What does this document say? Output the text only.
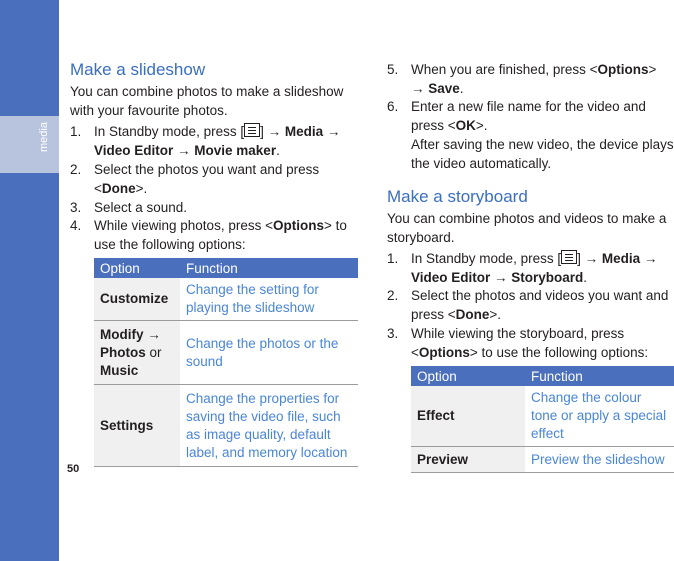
media
50
Make a slideshow

You can combine photos to make a slideshow with your favourite photos.

1. In Standby mode, press [ ] → Media →
Video Editor → Movie maker.
2. Select the photos you want and press <Done>.
3. Select a sound.
4. While viewing photos, press <Options> to use the following options:
Option	Function
Customize	Change the setting for playing the slideshow
Modify →
Photos or
Music	Change the photos or the sound
Settings	Change the properties for saving the video file, such as image quality, default label, and memory location
5. When you are finished, press <Options>
→ Save.
6. Enter a new file name for the video and press <OK>.
After saving the new video, the device plays the video automatically.
Make a storyboard

You can combine photos and videos to make a storyboard.

1. In Standby mode, press [ ] → Media →
Video Editor → Storyboard.
2. Select the photos and videos you want and press <Done>.
3. While viewing the storyboard, press <Options> to use the following options:
Option	Function
Effect	Change the colour tone or apply a special effect
Preview	Preview the slideshow
